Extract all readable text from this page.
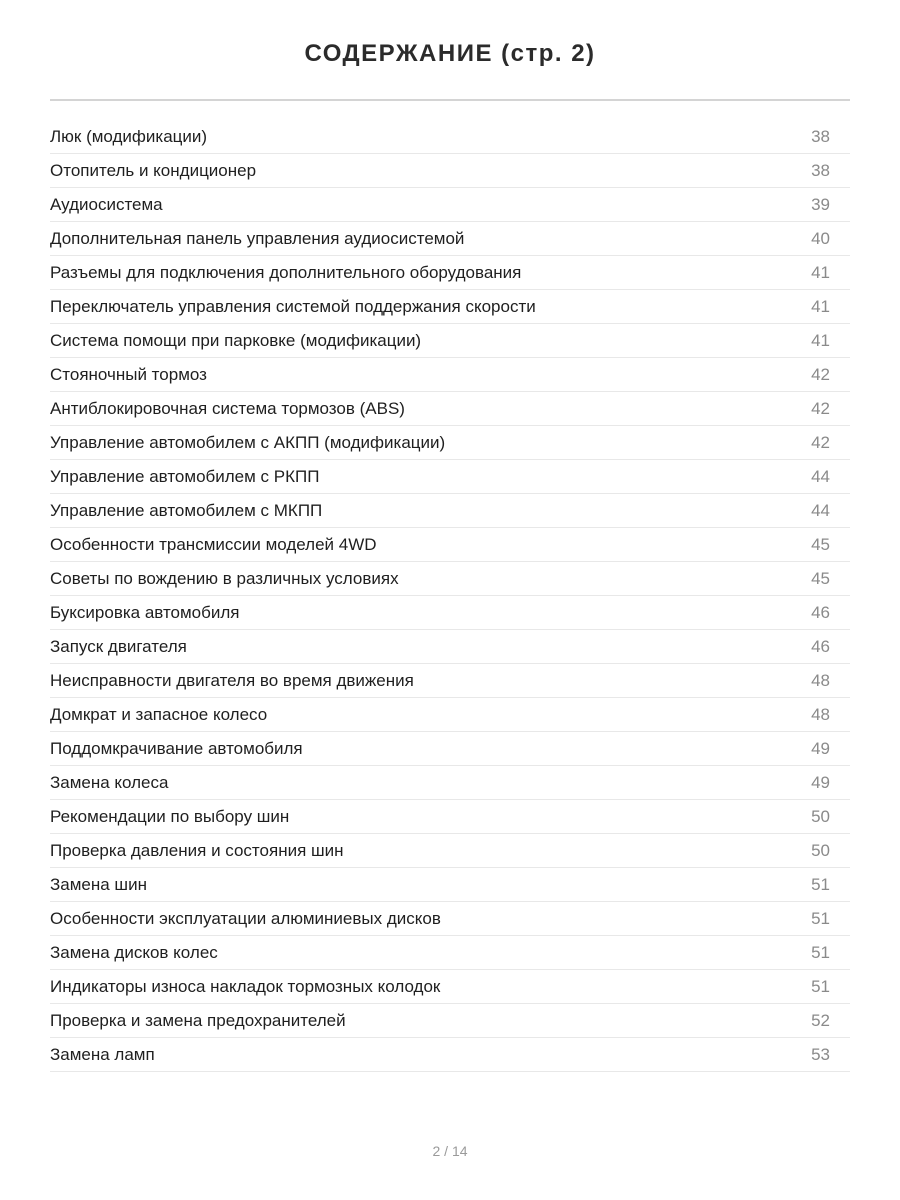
СОДЕРЖАНИЕ (стр. 2)
Люк (модификации)	38
Отопитель и кондиционер	38
Аудиосистема	39
Дополнительная панель управления аудиосистемой	40
Разъемы для подключения дополнительного оборудования	41
Переключатель управления системой поддержания скорости	41
Система помощи при парковке (модификации)	41
Стояночный тормоз	42
Антиблокировочная система тормозов (ABS)	42
Управление автомобилем с АКПП (модификации)	42
Управление автомобилем с РКПП	44
Управление автомобилем с МКПП	44
Особенности трансмиссии моделей 4WD	45
Советы по вождению в различных условиях	45
Буксировка автомобиля	46
Запуск двигателя	46
Неисправности двигателя во время движения	48
Домкрат и запасное колесо	48
Поддомкрачивание автомобиля	49
Замена колеса	49
Рекомендации по выбору шин	50
Проверка давления и состояния шин	50
Замена шин	51
Особенности эксплуатации алюминиевых дисков	51
Замена дисков колес	51
Индикаторы износа накладок тормозных колодок	51
Проверка и замена предохранителей	52
Замена ламп	53
2 / 14
